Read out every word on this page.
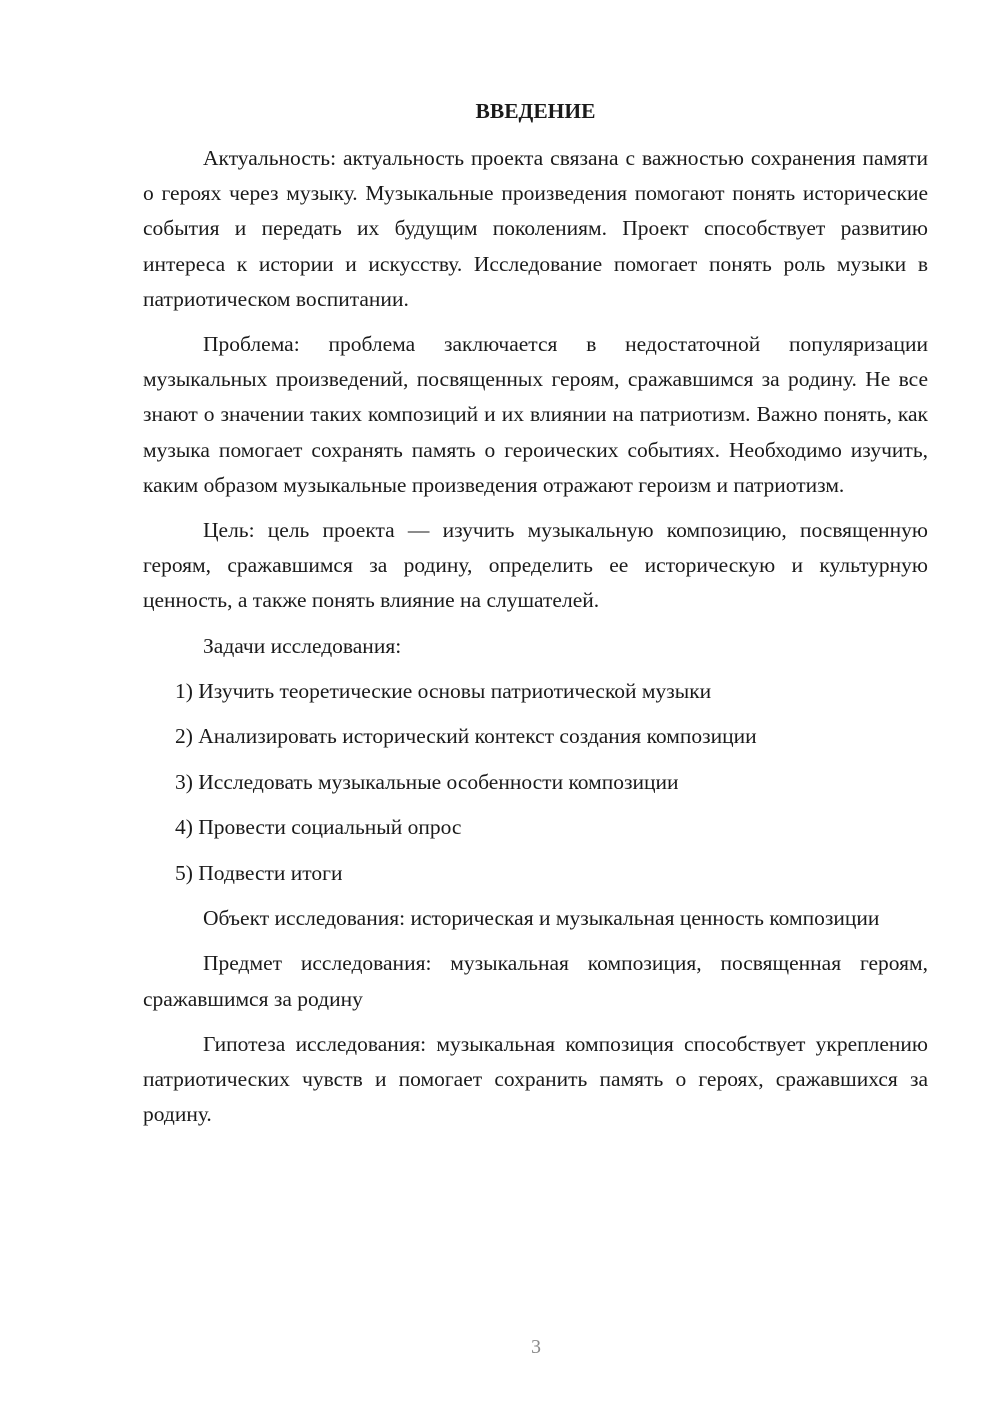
ВВЕДЕНИЕ

Актуальность: актуальность проекта связана с важностью сохранения памяти о героях через музыку. Музыкальные произведения помогают понять исторические события и передать их будущим поколениям. Проект способствует развитию интереса к истории и искусству. Исследование помогает понять роль музыки в патриотическом воспитании.

Проблема: проблема заключается в недостаточной популяризации музыкальных произведений, посвященных героям, сражавшимся за родину. Не все знают о значении таких композиций и их влиянии на патриотизм. Важно понять, как музыка помогает сохранять память о героических событиях. Необходимо изучить, каким образом музыкальные произведения отражают героизм и патриотизм.

Цель: цель проекта — изучить музыкальную композицию, посвященную героям, сражавшимся за родину, определить ее историческую и культурную ценность, а также понять влияние на слушателей.

Задачи исследования:

1) Изучить теоретические основы патриотической музыки
2) Анализировать исторический контекст создания композиции
3) Исследовать музыкальные особенности композиции
4) Провести социальный опрос
5) Подвести итоги

Объект исследования: историческая и музыкальная ценность композиции

Предмет исследования: музыкальная композиция, посвященная героям, сражавшимся за родину

Гипотеза исследования: музыкальная композиция способствует укреплению патриотических чувств и помогает сохранить память о героях, сражавшихся за родину.

3
